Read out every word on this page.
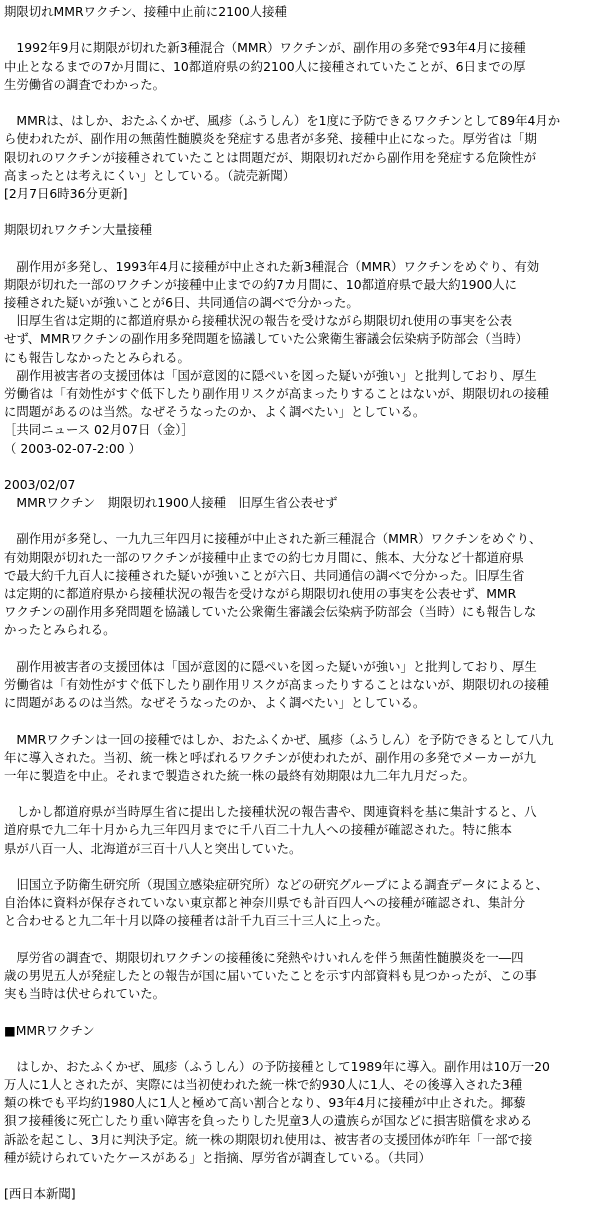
期限切れMMRワクチン、接種中止前に2100人接種
　1992年9月に期限が切れた新3種混合（MMR）ワクチンが、副作用の多発で93年4月に接種
中止となるまでの7か月間に、10都道府県の約2100人に接種されていたことが、6日までの厚
生労働省の調査でわかった。
　MMRは、はしか、おたふくかぜ、風疹（ふうしん）を1度に予防できるワクチンとして89年4月か
ら使われたが、副作用の無菌性髄膜炎を発症する患者が多発、接種中止になった。厚労省は「期
限切れのワクチンが接種されていたことは問題だが、期限切れだから副作用を発症する危険性が
高まったとは考えにくい」としている。（読売新聞）
[2月7日6時36分更新]
期限切れワクチン大量接種
　副作用が多発し、1993年4月に接種が中止された新3種混合（MMR）ワクチンをめぐり、有効
期限が切れた一部のワクチンが接種中止までの約7カ月間に、10都道府県で最大約1900人に
接種された疑いが強いことが6日、共同通信の調べで分かった。
　旧厚生省は定期的に都道府県から接種状況の報告を受けながら期限切れ使用の事実を公表
せず、MMRワクチンの副作用多発問題を協議していた公衆衛生審議会伝染病予防部会（当時）
にも報告しなかったとみられる。
　副作用被害者の支援団体は「国が意図的に隠ぺいを図った疑いが強い」と批判しており、厚生
労働省は「有効性がすぐ低下したり副作用リスクが高まったりすることはないが、期限切れの接種
に問題があるのは当然。なぜそうなったのか、よく調べたい」としている。
［共同ニュース 02月07日（金）］
（ 2003-02-07-2:00 ）
2003/02/07
　MMRワクチン　期限切れ1900人接種　旧厚生省公表せず
　副作用が多発し、一九九三年四月に接種が中止された新三種混合（MMR）ワクチンをめぐり、
有効期限が切れた一部のワクチンが接種中止までの約七カ月間に、熊本、大分など十都道府県
で最大約千九百人に接種された疑いが強いことが六日、共同通信の調べで分かった。旧厚生省
は定期的に都道府県から接種状況の報告を受けながら期限切れ使用の事実を公表せず、MMR
ワクチンの副作用多発問題を協議していた公衆衛生審議会伝染病予防部会（当時）にも報告しな
かったとみられる。
　副作用被害者の支援団体は「国が意図的に隠ぺいを図った疑いが強い」と批判しており、厚生
労働省は「有効性がすぐ低下したり副作用リスクが高まったりすることはないが、期限切れの接種
に問題があるのは当然。なぜそうなったのか、よく調べたい」としている。
　MMRワクチンは一回の接種ではしか、おたふくかぜ、風疹（ふうしん）を予防できるとして八九
年に導入された。当初、統一株と呼ばれるワクチンが使われたが、副作用の多発でメーカーが九
一年に製造を中止。それまで製造された統一株の最終有効期限は九二年九月だった。
　しかし都道府県が当時厚生省に提出した接種状況の報告書や、関連資料を基に集計すると、八
道府県で九二年十月から九三年四月までに千八百二十九人への接種が確認された。特に熊本
県が八百一人、北海道が三百十八人と突出していた。
　旧国立予防衛生研究所（現国立感染症研究所）などの研究グループによる調査データによると、
自治体に資料が保存されていない東京都と神奈川県でも計百四人への接種が確認され、集計分
と合わせると九二年十月以降の接種者は計千九百三十三人に上った。
　厚労省の調査で、期限切れワクチンの接種後に発熱やけいれんを伴う無菌性髄膜炎を一―四
歳の男児五人が発症したとの報告が国に届いていたことを示す内部資料も見つかったが、この事
実も当時は伏せられていた。
■MMRワクチン
　はしか、おたふくかぜ、風疹（ふうしん）の予防接種として1989年に導入。副作用は10万一20
万人に1人とされたが、実際には当初使われた統一株で約930人に1人、その後導入された3種
類の株でも平均約1980人に1人と極めて高い割合となり、93年4月に接種が中止された。揶藜
狽フ接種後に死亡したり重い障害を負ったりした児童3人の遺族らが国などに損害賠償を求める
訴訟を起こし、3月に判決予定。統一株の期限切れ使用は、被害者の支援団体が昨年「一部で接
種が続けられていたケースがある」と指摘、厚労省が調査している。（共同）
[西日本新聞]
